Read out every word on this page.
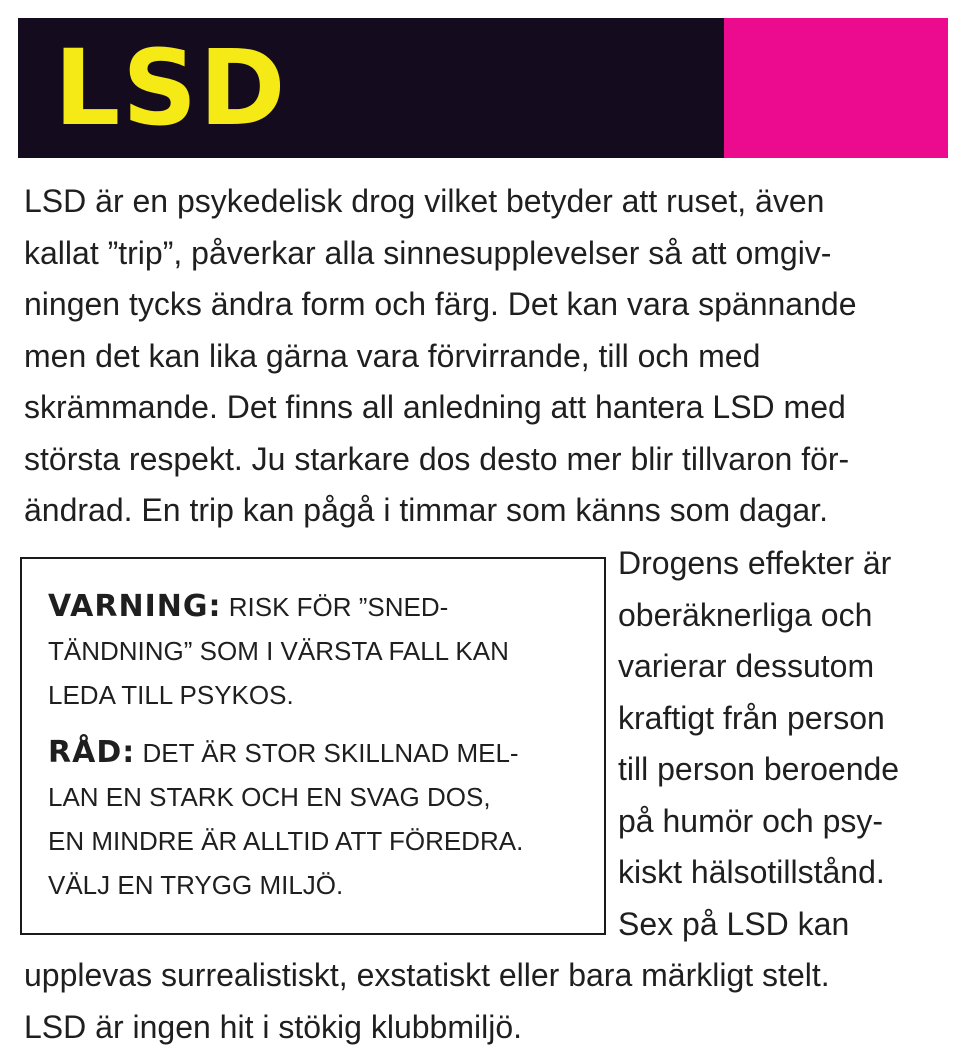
LSD
LSD är en psykedelisk drog vilket betyder att ruset, även
kallat ”trip”, påverkar alla sinnesupplevelser så att omgiv-
ningen tycks ändra form och färg. Det kan vara spännande
men det kan lika gärna vara förvirrande, till och med
skrämmande. Det finns all anledning att hantera LSD med
största respekt. Ju starkare dos desto mer blir tillvaron för-
ändrad. En trip kan pågå i timmar som känns som dagar.
VARNING: RISK FÖR ”SNED-
TÄNDNING” SOM I VÄRSTA FALL KAN
LEDA TILL PSYKOS.
RÅD: DET ÄR STOR SKILLNAD MEL-
LAN EN STARK OCH EN SVAG DOS,
EN MINDRE ÄR ALLTID ATT FÖREDRA.
VÄLJ EN TRYGG MILJÖ.
Drogens effekter är
oberäknerliga och
varierar dessutom
kraftigt från person
till person beroende
på humör och psy-
kiskt hälsotillstånd.
Sex på LSD kan
upplevas surrealistiskt, exstatiskt eller bara märkligt stelt.
LSD är ingen hit i stökig klubbmiljö.
